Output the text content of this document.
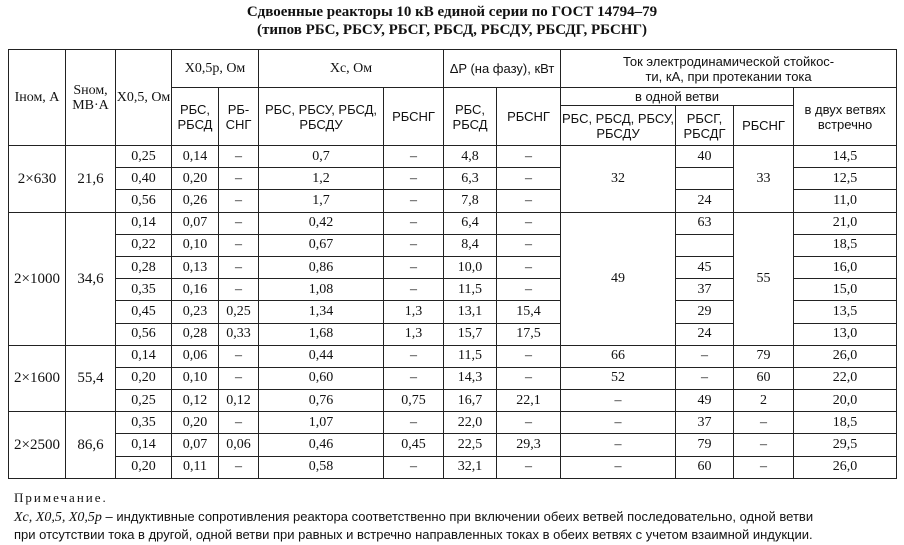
Сдвоенные реакторы 10 кВ единой серии по ГОСТ 14794–79
(типов РБС, РБСУ, РБСГ, РБСД, РБСДУ, РБСДГ, РБСНГ)
Iном, А	Sном, МВ·А	X0,5, Ом	X0,5р, Ом		Xc, Ом		ΔP (на фазу), кВт		Ток электродинамической стойкос-
ти, кА, при протекании тока			
			РБС, РБСД	РБ-СНГ	РБС, РБСУ, РБСД, РБСДУ	РБСНГ	РБС, РБСД	РБСНГ	в одной ветви			в двух ветвях встречно
									РБС, РБСД, РБСУ, РБСДУ	РБСГ, РБСДГ	РБСНГ	
2×630	21,6	0,25	0,14	–	0,7	–	4,8	–	32	40	33	14,5
		0,40	0,20	–	1,2	–	6,3	–				12,5
		0,56	0,26	–	1,7	–	7,8	–		24		11,0
2×1000	34,6	0,14	0,07	–	0,42	–	6,4	–	49	63	55	21,0
		0,22	0,10	–	0,67	–	8,4	–				18,5
		0,28	0,13	–	0,86	–	10,0	–		45		16,0
		0,35	0,16	–	1,08	–	11,5	–		37		15,0
		0,45	0,23	0,25	1,34	1,3	13,1	15,4		29		13,5
		0,56	0,28	0,33	1,68	1,3	15,7	17,5		24		13,0
2×1600	55,4	0,14	0,06	–	0,44	–	11,5	–	66	–	79	26,0
		0,20	0,10	–	0,60	–	14,3	–	52	–	60	22,0
		0,25	0,12	0,12	0,76	0,75	16,7	22,1	–	49	2	20,0
2×2500	86,6	0,35	0,20	–	1,07	–	22,0	–	–	37	–	18,5
		0,14	0,07	0,06	0,46	0,45	22,5	29,3	–	79	–	29,5
		0,20	0,11	–	0,58	–	32,1	–	–	60	–	26,0
Примечание.
Xc, X0,5, X0,5р – индуктивные сопротивления реактора соответственно при включении обеих ветвей последовательно, одной ветви
при отсутствии тока в другой, одной ветви при равных и встречно направленных токах в обеих ветвях с учетом взаимной индукции.
